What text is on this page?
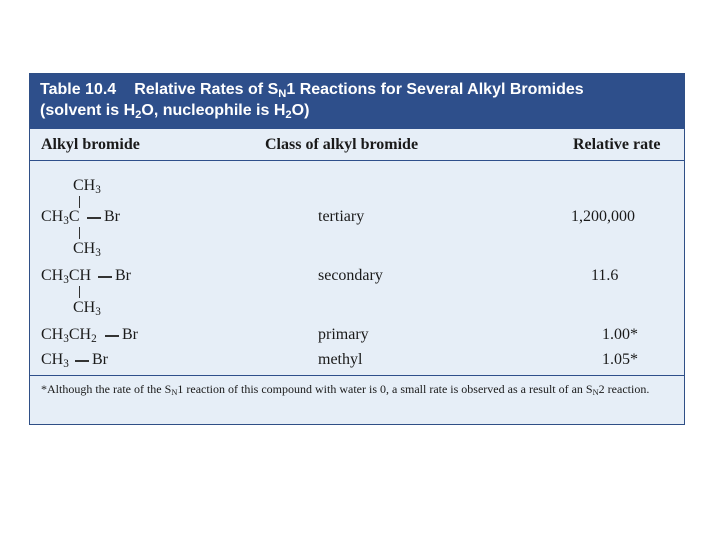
Table 10.4 Relative Rates of $S_N1$ Reactions for Several Alkyl Bromides
(solvent is $H_2O$, nucleophile is $H_2O$)
Alkyl bromide	Class of alkyl bromide	Relative rate
$CH_3$
$CH_3C$ Br
$CH_3$
tertiary	1,200,000
$CH_3CH$ Br
$CH_3$
secondary	11.6
$CH_3CH_2$ Br	primary	1.00*
$CH_3$ Br	methyl	1.05*
*Although the rate of the $S_N1$ reaction of this compound with water is 0, a small rate is observed as a result of an $S_N2$ reaction.
